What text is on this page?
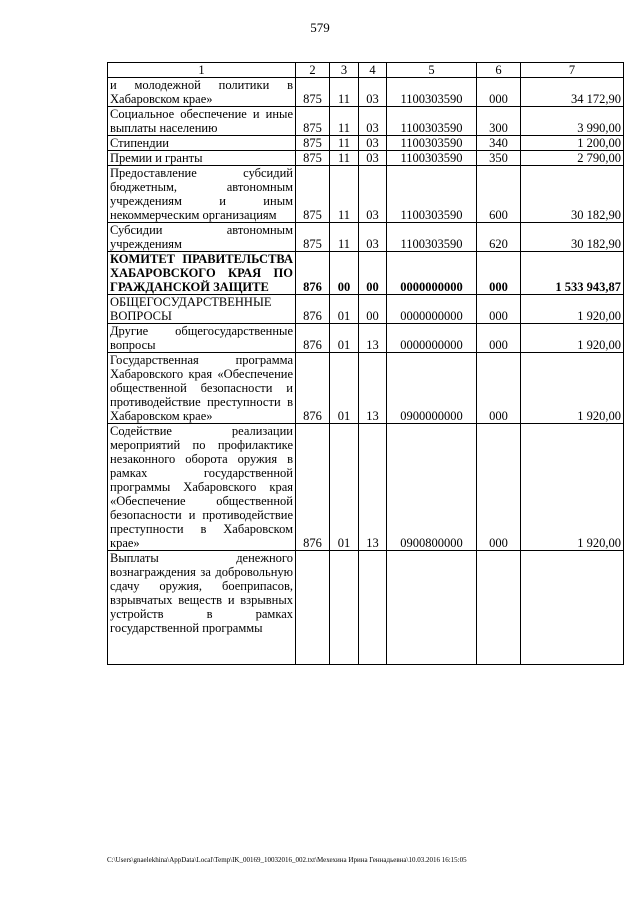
579
1	2	3	4	5	6	7
и молодежной политики в Хабаровском крае»	875	11	03	1100303590	000	34 172,90
Социальное обеспечение и иные выплаты населению	875	11	03	1100303590	300	3 990,00
Стипендии	875	11	03	1100303590	340	1 200,00
Премии и гранты	875	11	03	1100303590	350	2 790,00
Предоставление субсидий бюджетным, автономным учреждениям и иным некоммерческим организациям	875	11	03	1100303590	600	30 182,90
Субсидии автономным учреждениям	875	11	03	1100303590	620	30 182,90
КОМИТЕТ ПРАВИТЕЛЬСТВА ХАБАРОВСКОГО КРАЯ ПО ГРАЖДАНСКОЙ ЗАЩИТЕ	876	00	00	0000000000	000	1 533 943,87
ОБЩЕГОСУДАРСТВЕННЫЕ ВОПРОСЫ	876	01	00	0000000000	000	1 920,00
Другие общегосударственные вопросы	876	01	13	0000000000	000	1 920,00
Государственная программа Хабаровского края «Обеспечение общественной безопасности и противодействие преступности в Хабаровском крае»	876	01	13	0900000000	000	1 920,00
Содействие реализации мероприятий по профилактике незаконного оборота оружия в рамках государственной программы Хабаровского края «Обеспечение общественной безопасности и противодействие преступности в Хабаровском крае»	876	01	13	0900800000	000	1 920,00
Выплаты денежного вознаграждения за добровольную сдачу оружия, боеприпасов, взрывчатых веществ и взрывных устройств в рамках государственной программы						
C:\Users\gnaelekhina\AppData\Local\Temp\IK_00169_10032016_002.txt\Мехехина Ирина Геннадьевна\10.03.2016 16:15:05
